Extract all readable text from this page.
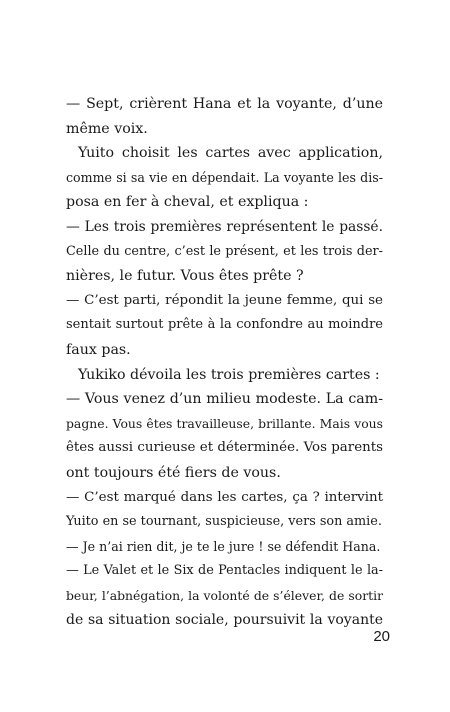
— Sept, crièrent Hana et la voyante, d’une
même voix.
Yuito choisit les cartes avec application,
comme si sa vie en dépendait. La voyante les dis-
posa en fer à cheval, et expliqua :
— Les trois premières représentent le passé.
Celle du centre, c’est le présent, et les trois der-
nières, le futur. Vous êtes prête ?
— C’est parti, répondit la jeune femme, qui se
sentait surtout prête à la confondre au moindre
faux pas.
Yukiko dévoila les trois premières cartes :
— Vous venez d’un milieu modeste. La cam-
pagne. Vous êtes travailleuse, brillante. Mais vous
êtes aussi curieuse et déterminée. Vos parents
ont toujours été fiers de vous.
— C’est marqué dans les cartes, ça ? intervint
Yuito en se tournant, suspicieuse, vers son amie.
— Je n’ai rien dit, je te le jure ! se défendit Hana.
— Le Valet et le Six de Pentacles indiquent le la-
beur, l’abnégation, la volonté de s’élever, de sortir
de sa situation sociale, poursuivit la voyante
20
